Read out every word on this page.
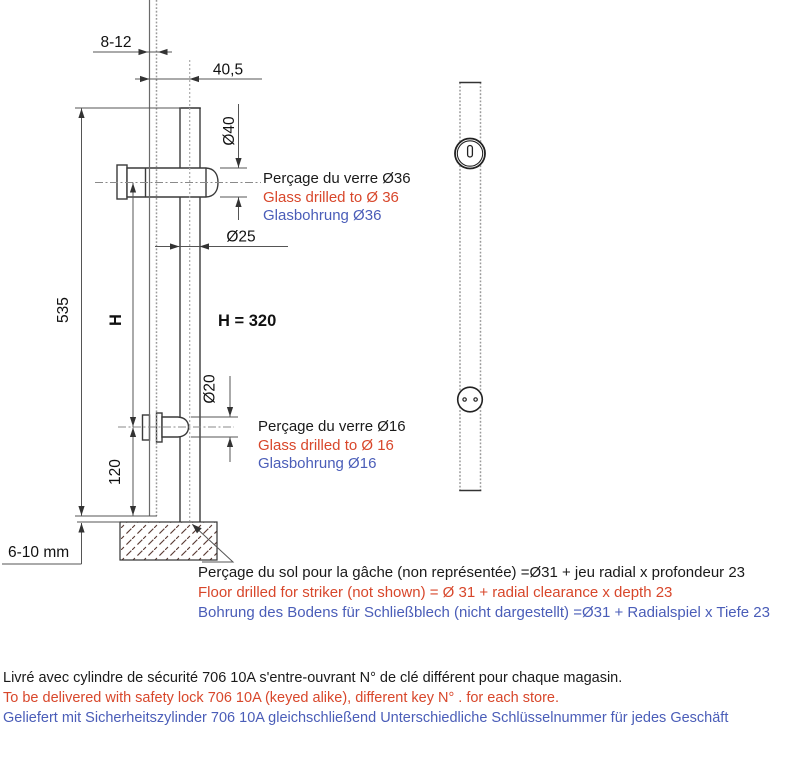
8-12
40,5
Ø40
Ø25
535 H	H = 320
120
Ø20
6-10 mm
Perçage du verre Ø36
Glass drilled to Ø 36
Glasbohrung Ø36
Perçage du verre Ø16
Glass drilled to Ø 16
Glasbohrung Ø16
Perçage du sol pour la gâche (non représentée) =Ø31 + jeu radial x profondeur 23
Floor drilled for striker (not shown) = Ø 31 + radial clearance x depth 23
Bohrung des Bodens für Schließblech (nicht dargestellt) =Ø31 + Radialspiel x Tiefe 23
Livré avec cylindre de sécurité 706 10A s'entre-ouvrant N° de clé différent pour chaque magasin.
To be delivered with safety lock 706 10A (keyed alike), different key N° . for each store.
Geliefert mit Sicherheitszylinder 706 10A gleichschließend Unterschiedliche Schlüsselnummer für jedes Geschäft
